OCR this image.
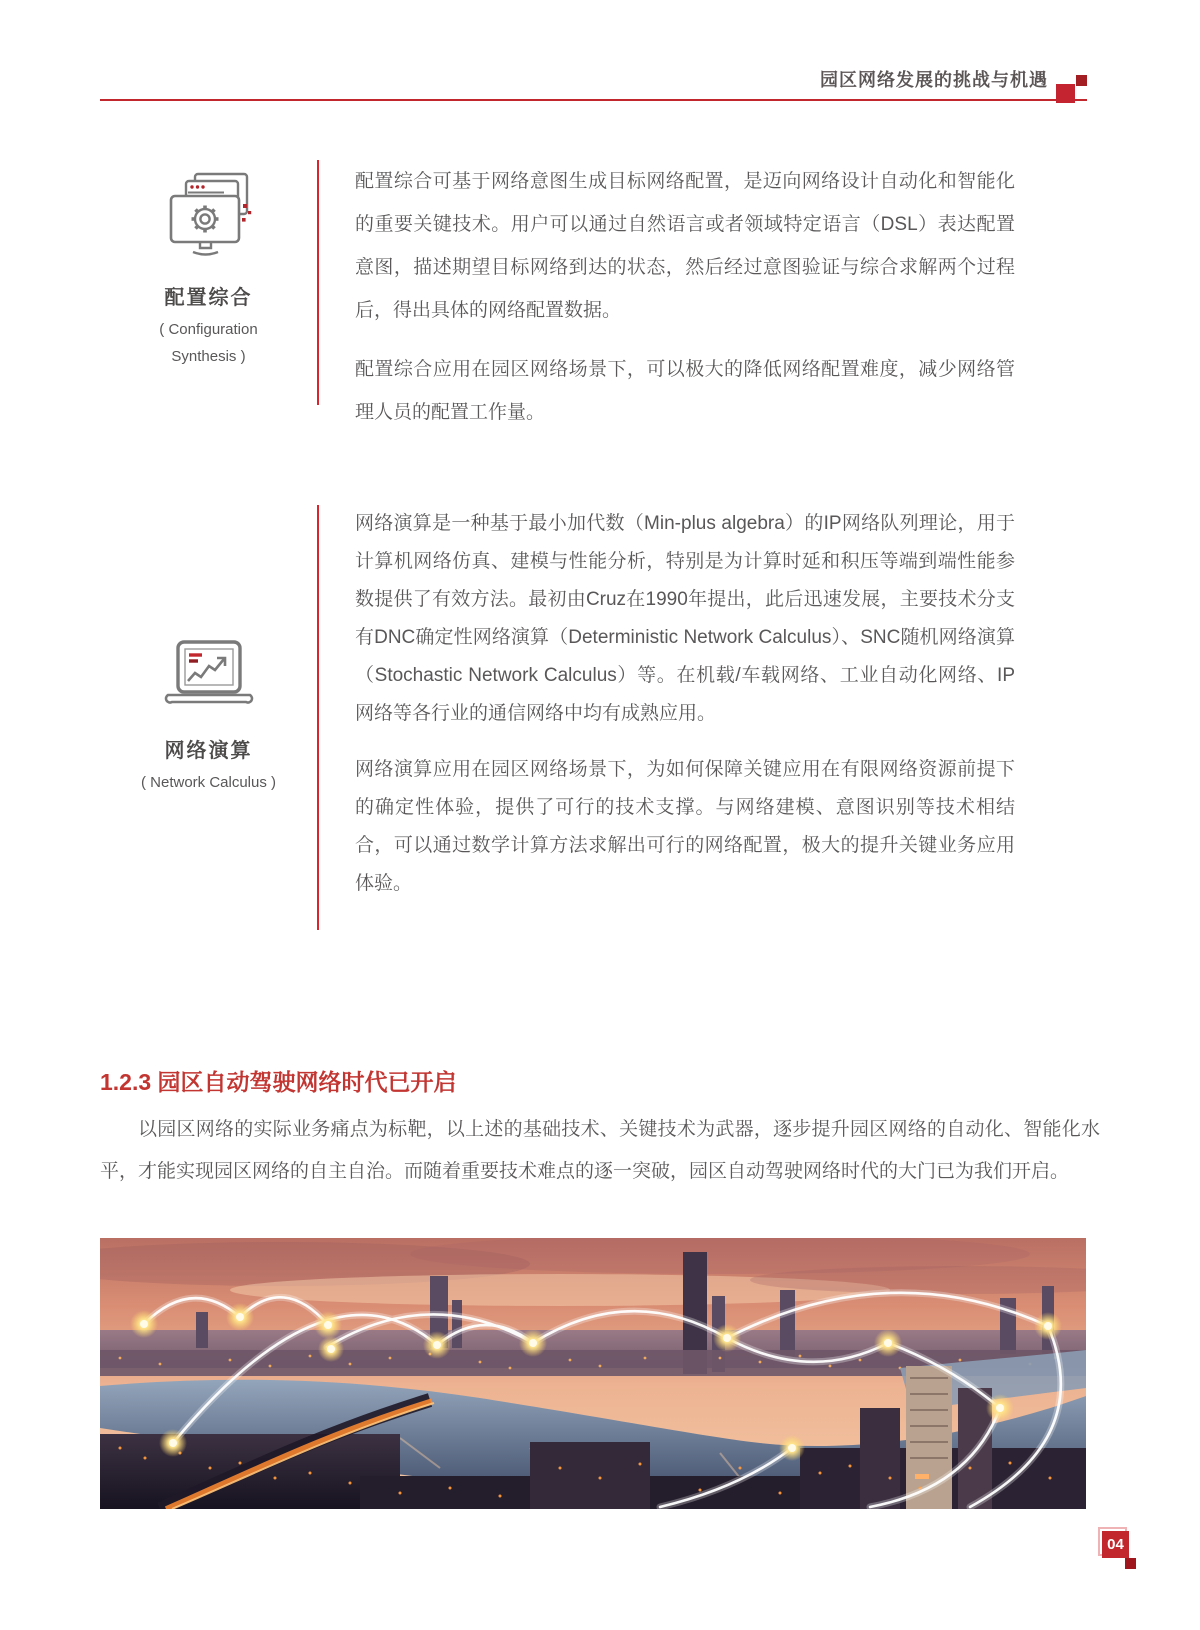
园区网络发展的挑战与机遇
配置综合
( Configuration Synthesis )

配置综合可基于网络意图生成目标网络配置，是迈向网络设计自动化和智能化的重要关键技术。用户可以通过自然语言或者领域特定语言（DSL）表达配置意图，描述期望目标网络到达的状态，然后经过意图验证与综合求解两个过程后，得出具体的网络配置数据。

配置综合应用在园区网络场景下，可以极大的降低网络配置难度，减少网络管理人员的配置工作量。

网络演算
( Network Calculus )

网络演算是一种基于最小加代数（Min-plus algebra）的IP网络队列理论，用于计算机网络仿真、建模与性能分析，特别是为计算时延和积压等端到端性能参数提供了有效方法。最初由Cruz在1990年提出，此后迅速发展，主要技术分支有DNC确定性网络演算（Deterministic Network Calculus）、SNC随机网络演算（Stochastic Network Calculus）等。在机载/车载网络、工业自动化网络、IP网络等各行业的通信网络中均有成熟应用。

网络演算应用在园区网络场景下，为如何保障关键应用在有限网络资源前提下的确定性体验，提供了可行的技术支撑。与网络建模、意图识别等技术相结合，可以通过数学计算方法求解出可行的网络配置，极大的提升关键业务应用体验。

1.2.3 园区自动驾驶网络时代已开启

以园区网络的实际业务痛点为标靶，以上述的基础技术、关键技术为武器，逐步提升园区网络的自动化、智能化水平，才能实现园区网络的自主自治。而随着重要技术难点的逐一突破，园区自动驾驶网络时代的大门已为我们开启。

04
